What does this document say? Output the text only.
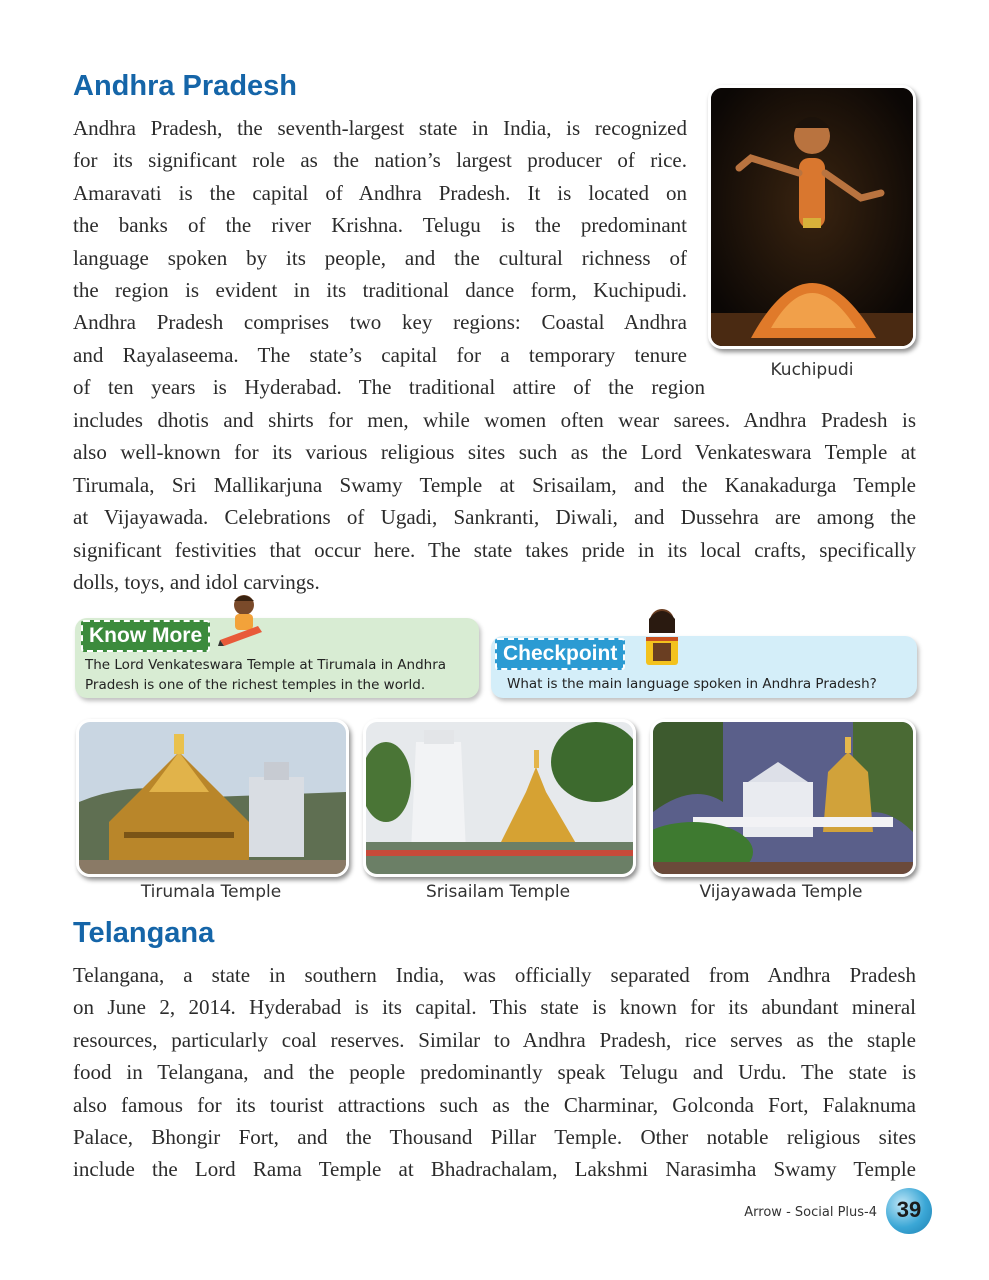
Andhra Pradesh
Andhra Pradesh, the seventh-largest state in India, is recognized
for its significant role as the nation’s largest producer of rice.
Amaravati is the capital of Andhra Pradesh. It is located on
the banks of the river Krishna. Telugu is the predominant
language spoken by its people, and the cultural richness of
the region is evident in its traditional dance form, Kuchipudi.
Andhra Pradesh comprises two key regions: Coastal Andhra
and Rayalaseema. The state’s capital for a temporary tenure
of ten years is Hyderabad. The traditional attire of the region
includes dhotis and shirts for men, while women often wear sarees. Andhra Pradesh is
also well-known for its various religious sites such as the Lord Venkateswara Temple at
Tirumala, Sri Mallikarjuna Swamy Temple at Srisailam, and the Kanakadurga Temple
at Vijayawada. Celebrations of Ugadi, Sankranti, Diwali, and Dussehra are among the
significant festivities that occur here. The state takes pride in its local crafts, specifically
dolls, toys, and idol carvings.
Kuchipudi
Know More
The Lord Venkateswara Temple at Tirumala in Andhra
Pradesh is one of the richest temples in the world.
Checkpoint
What is the main language spoken in Andhra Pradesh?
Tirumala Temple	Srisailam Temple	Vijayawada Temple
Telangana
Telangana, a state in southern India, was officially separated from Andhra Pradesh
on June 2, 2014. Hyderabad is its capital. This state is known for its abundant mineral
resources, particularly coal reserves. Similar to Andhra Pradesh, rice serves as the staple
food in Telangana, and the people predominantly speak Telugu and Urdu. The state is
also famous for its tourist attractions such as the Charminar, Golconda Fort, Falaknuma
Palace, Bhongir Fort, and the Thousand Pillar Temple. Other notable religious sites
include the Lord Rama Temple at Bhadrachalam, Lakshmi Narasimha Swamy Temple
Arrow - Social Plus-4 39
